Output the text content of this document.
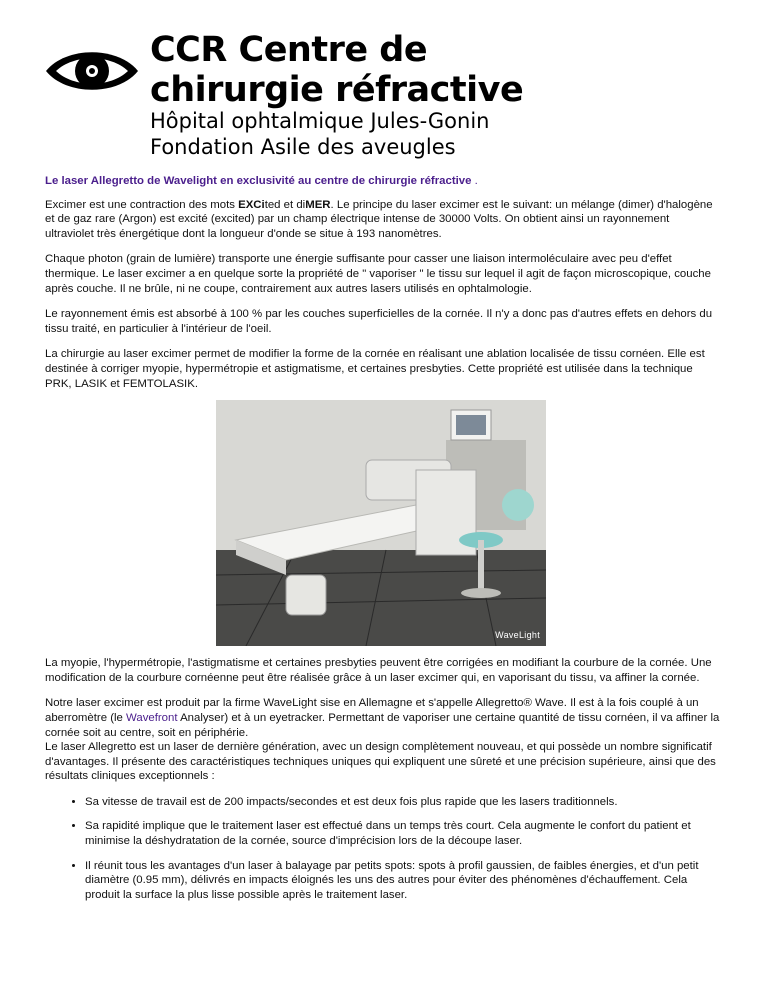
CCR Centre de
chirurgie réfractive
Hôpital ophtalmique Jules-Gonin
Fondation Asile des aveugles

Le laser Allegretto de Wavelight en exclusivité au centre de chirurgie réfractive .

Excimer est une contraction des mots EXCited et diMER. Le principe du laser excimer est le suivant: un mélange (dimer) d'halogène et de gaz rare (Argon) est excité (excited) par un champ électrique intense de 30000 Volts. On obtient ainsi un rayonnement ultraviolet très énergétique dont la longueur d'onde se situe à 193 nanomètres.

Chaque photon (grain de lumière) transporte une énergie suffisante pour casser une liaison intermoléculaire avec peu d'effet thermique. Le laser excimer a en quelque sorte la propriété de " vaporiser " le tissu sur lequel il agit de façon microscopique, couche après couche. Il ne brûle, ni ne coupe, contrairement aux autres lasers utilisés en ophtalmologie.

Le rayonnement émis est absorbé à 100 % par les couches superficielles de la cornée. Il n'y a donc pas d'autres effets en dehors du tissu traité, en particulier à l'intérieur de l'oeil.

La chirurgie au laser excimer permet de modifier la forme de la cornée en réalisant une ablation localisée de tissu cornéen. Elle est destinée à corriger myopie, hypermétropie et astigmatisme, et certaines presbyties. Cette propriété est utilisée dans la technique PRK, LASIK et FEMTOLASIK.

WaveLight

La myopie, l'hypermétropie, l'astigmatisme et certaines presbyties peuvent être corrigées en modifiant la courbure de la cornée. Une modification de la courbure cornéenne peut être réalisée grâce à un laser excimer qui, en vaporisant du tissu, va affiner la cornée.

Notre laser excimer est produit par la firme WaveLight sise en Allemagne et s'appelle Allegretto® Wave. Il est à la fois couplé à un aberromètre (le Wavefront Analyser) et à un eyetracker. Permettant de vaporiser une certaine quantité de tissu cornéen, il va affiner la cornée soit au centre, soit en périphérie.
Le laser Allegretto est un laser de dernière génération, avec un design complètement nouveau, et qui possède un nombre significatif d'avantages. Il présente des caractéristiques techniques uniques qui expliquent une sûreté et une précision supérieure, ainsi que des résultats cliniques exceptionnels :

• Sa vitesse de travail est de 200 impacts/secondes et est deux fois plus rapide que les lasers traditionnels.
• Sa rapidité implique que le traitement laser est effectué dans un temps très court. Cela augmente le confort du patient et minimise la déshydratation de la cornée, source d'imprécision lors de la découpe laser.
• Il réunit tous les avantages d'un laser à balayage par petits spots: spots à profil gaussien, de faibles énergies, et d'un petit diamètre (0.95 mm), délivrés en impacts éloignés les uns des autres pour éviter des phénomènes d'échauffement. Cela produit la surface la plus lisse possible après le traitement laser.
